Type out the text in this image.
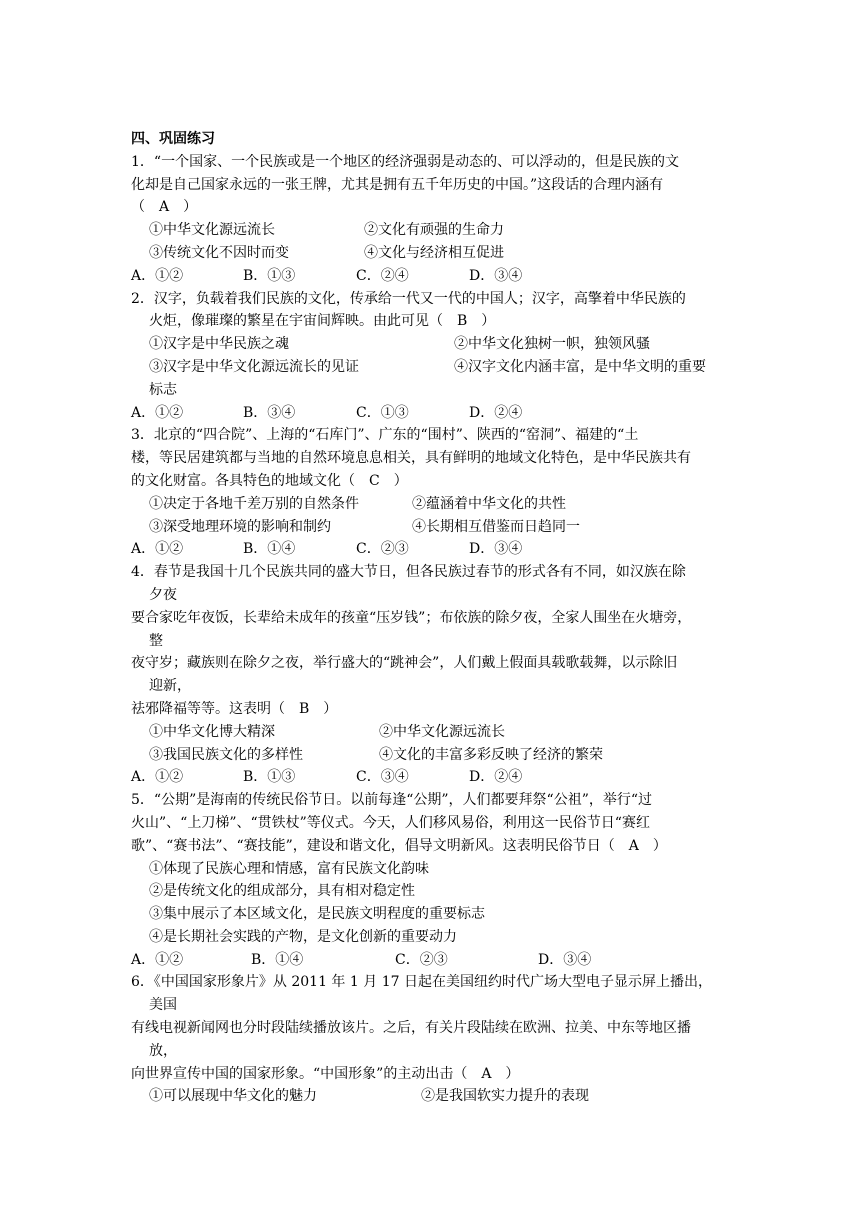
四、巩固练习
1．“一个国家、一个民族或是一个地区的经济强弱是动态的、可以浮动的，但是民族的文
化却是自己国家永远的一张王牌，尤其是拥有五千年历史的中国。”这段话的合理内涵有
（　A　）
①中华文化源远流长	②文化有顽强的生命力
③传统文化不因时而变	④文化与经济相互促进
A．①②	B．①③	C．②④	D．③④
2．汉字，负载着我们民族的文化，传承给一代又一代的中国人；汉字，高擎着中华民族的
火炬，像璀璨的繁星在宇宙间辉映。由此可见（　B　）
①汉字是中华民族之魂	②中华文化独树一帜，独领风骚
③汉字是中华文化源远流长的见证	④汉字文化内涵丰富，是中华文明的重要
标志
A．①②	B．③④	C．①③	D．②④
3．北京的“四合院”、上海的“石库门”、广东的“围村”、陕西的“窑洞”、福建的“土
楼，等民居建筑都与当地的自然环境息息相关，具有鲜明的地域文化特色，是中华民族共有
的文化财富。各具特色的地域文化（　C　）
①决定于各地千差万别的自然条件	②蕴涵着中华文化的共性
③深受地理环境的影响和制约	④长期相互借鉴而日趋同一
A．①②	B．①④	C．②③	D．③④
4．春节是我国十几个民族共同的盛大节日，但各民族过春节的形式各有不同，如汉族在除
夕夜
要合家吃年夜饭，长辈给未成年的孩童“压岁钱”；布依族的除夕夜，全家人围坐在火塘旁，
整
夜守岁；藏族则在除夕之夜，举行盛大的“跳神会”，人们戴上假面具载歌载舞，以示除旧
迎新，
祛邪降福等等。这表明（　B　）
①中华文化博大精深	②中华文化源远流长
③我国民族文化的多样性	④文化的丰富多彩反映了经济的繁荣
A．①②	B．①③	C．③④	D．②④
5．“公期”是海南的传统民俗节日。以前每逢“公期”，人们都要拜祭“公祖”，举行“过
火山”、“上刀梯”、“贯铁杖”等仪式。今天，人们移风易俗，利用这一民俗节日“赛红
歌”、“赛书法”、“赛技能”，建设和谐文化，倡导文明新风。这表明民俗节日（　A　）
①体现了民族心理和情感，富有民族文化韵味
②是传统文化的组成部分，具有相对稳定性
③集中展示了本区域文化，是民族文明程度的重要标志
④是长期社会实践的产物，是文化创新的重要动力
A．①②	B．①④	C．②③	D．③④
6．《中国国家形象片》从 2011 年 1 月 17 日起在美国纽约时代广场大型电子显示屏上播出，
美国
有线电视新闻网也分时段陆续播放该片。之后，有关片段陆续在欧洲、拉美、中东等地区播
放，
向世界宣传中国的国家形象。“中国形象”的主动出击（　A　）
①可以展现中华文化的魅力	②是我国软实力提升的表现
